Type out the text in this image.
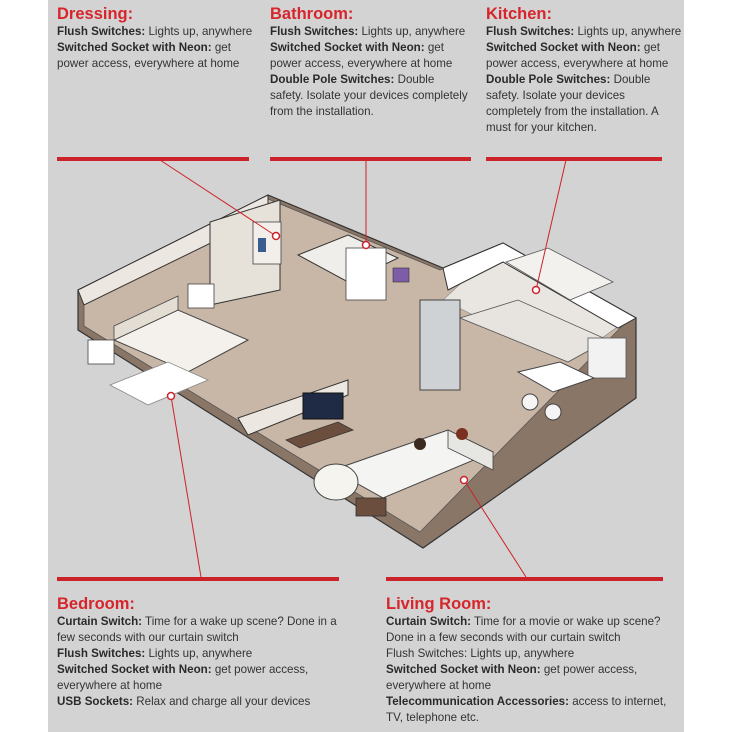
Dressing:
Flush Switches: Lights up, anywhere
Switched Socket with Neon: get power access, everywhere at home
Bathroom:
Flush Switches: Lights up, anywhere
Switched Socket with Neon: get power access, everywhere at home
Double Pole Switches: Double safety. Isolate your devices completely from the installation.
Kitchen:
Flush Switches: Lights up, anywhere
Switched Socket with Neon: get power access, everywhere at home
Double Pole Switches: Double safety. Isolate your devices completely from the installation. A must for your kitchen.
Bedroom:
Curtain Switch: Time for a wake up scene? Done in a few seconds with our curtain switch
Flush Switches: Lights up, anywhere
Switched Socket with Neon: get power access, everywhere at home
USB Sockets: Relax and charge all your devices
Living Room:
Curtain Switch: Time for a movie or wake up scene? Done in a few seconds with our curtain switch
Flush Switches: Lights up, anywhere
Switched Socket with Neon: get power access, everywhere at home
Telecommunication Accessories: access to internet, TV, telephone etc.
